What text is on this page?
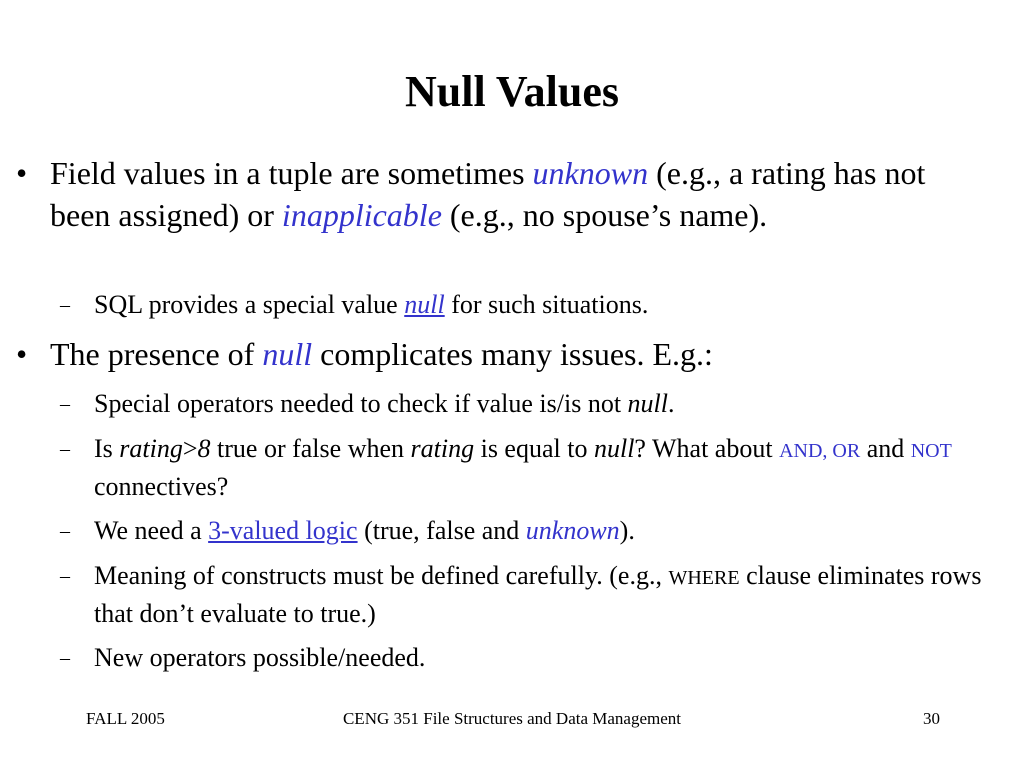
Null Values
• Field values in a tuple are sometimes unknown (e.g., a rating has not been assigned) or inapplicable (e.g., no spouse’s name).
– SQL provides a special value null for such situations.
• The presence of null complicates many issues. E.g.:
– Special operators needed to check if value is/is not null.
– Is rating>8 true or false when rating is equal to null? What about AND, OR and NOT connectives?
– We need a 3-valued logic (true, false and unknown).
– Meaning of constructs must be defined carefully. (e.g., WHERE clause eliminates rows that don’t evaluate to true.)
– New operators possible/needed.
FALL 2005	CENG 351 File Structures and Data Management	30
